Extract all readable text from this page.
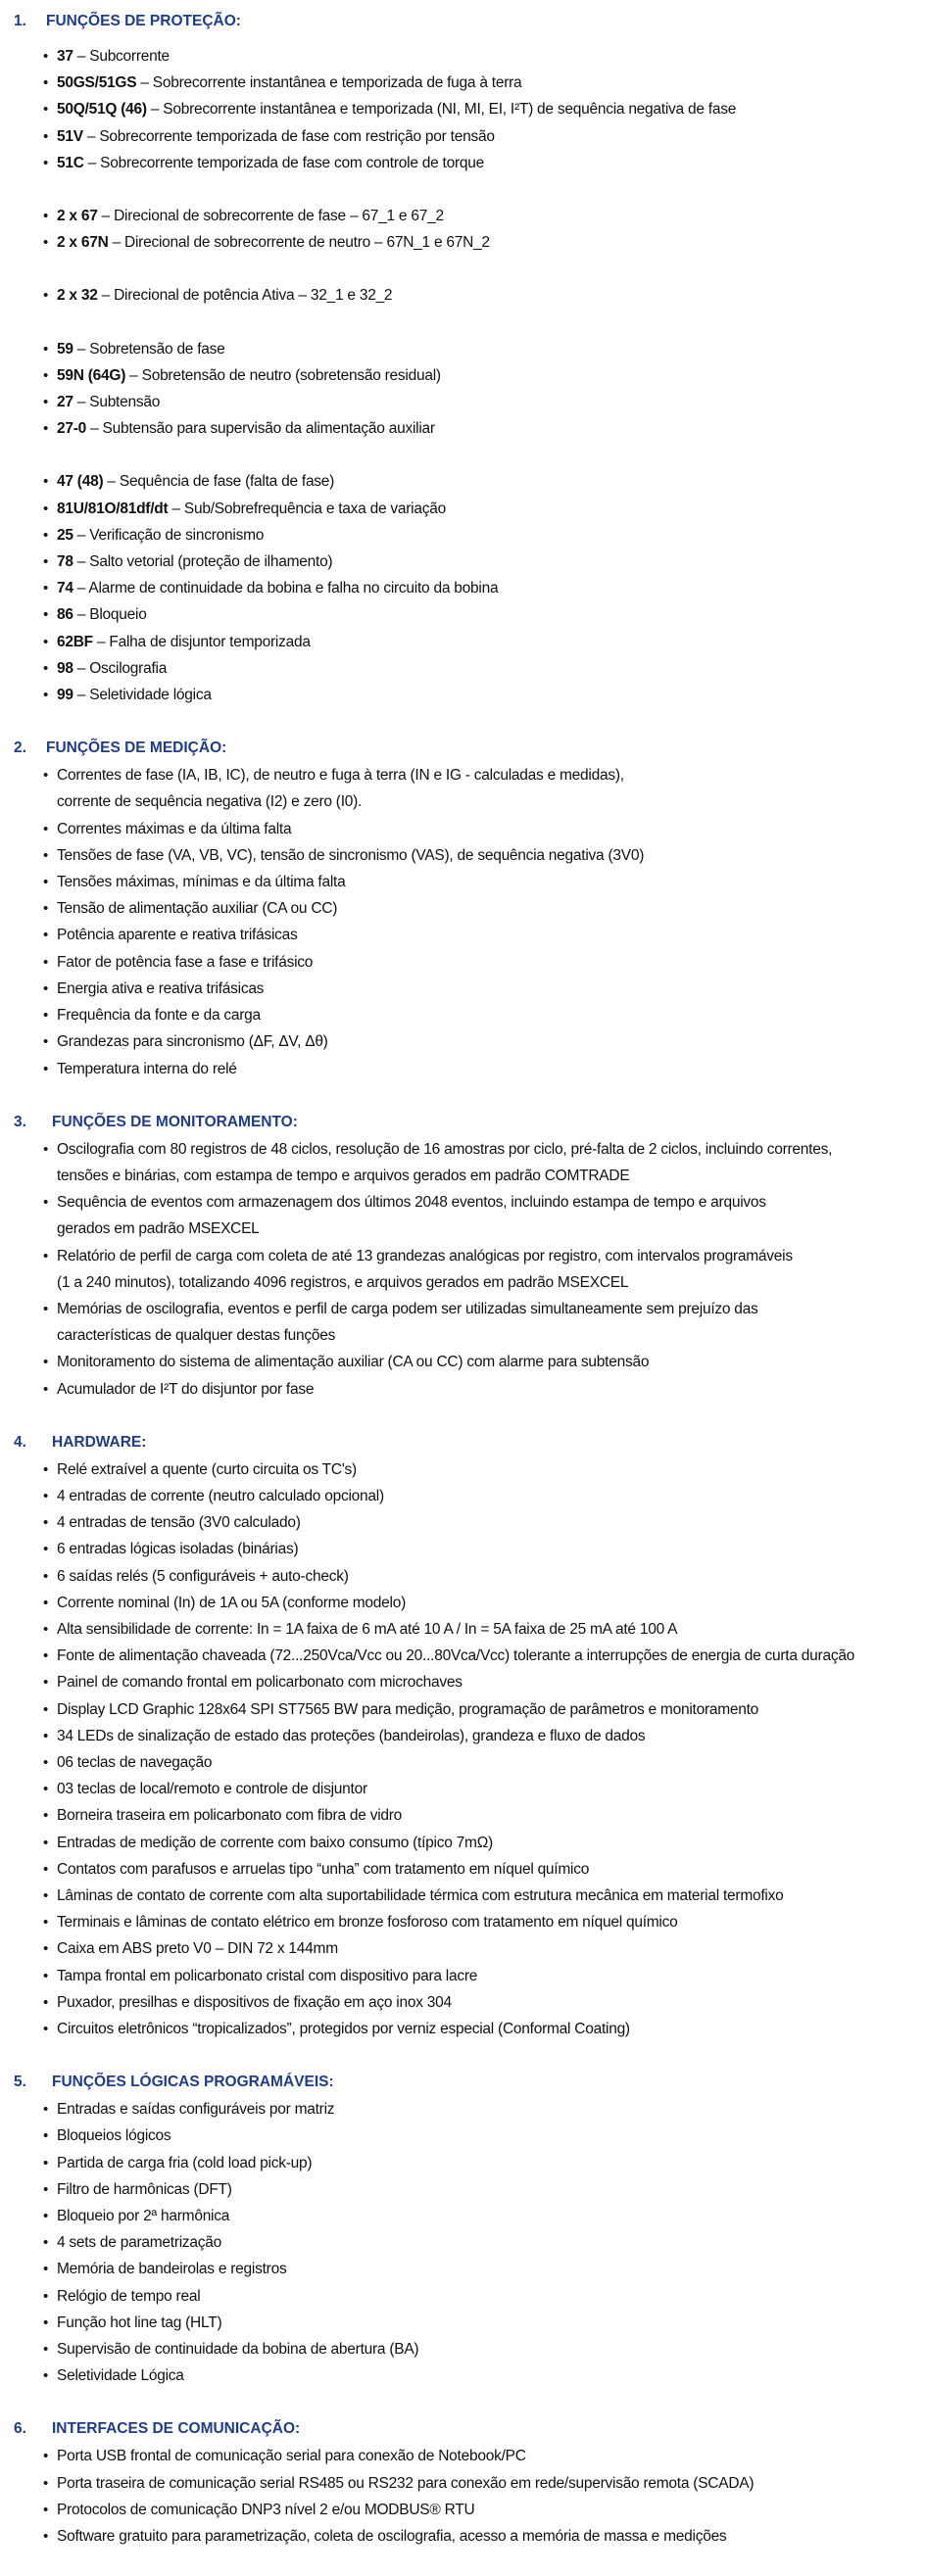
1. FUNÇÕES DE PROTEÇÃO:
• 37 – Subcorrente
• 50GS/51GS – Sobrecorrente instantânea e temporizada de fuga à terra
• 50Q/51Q (46) – Sobrecorrente instantânea e temporizada (NI, MI, EI, I²T) de sequência negativa de fase
• 51V – Sobrecorrente temporizada de fase com restrição por tensão
• 51C – Sobrecorrente temporizada de fase com controle de torque
• 2 x 67 – Direcional de sobrecorrente de fase – 67_1 e 67_2
• 2 x 67N – Direcional de sobrecorrente de neutro – 67N_1 e 67N_2
• 2 x 32 – Direcional de potência Ativa – 32_1 e 32_2
• 59 – Sobretensão de fase
• 59N (64G) – Sobretensão de neutro (sobretensão residual)
• 27 – Subtensão
• 27-0 – Subtensão para supervisão da alimentação auxiliar
• 47 (48) – Sequência de fase (falta de fase)
• 81U/81O/81df/dt – Sub/Sobrefrequência e taxa de variação
• 25 – Verificação de sincronismo
• 78 – Salto vetorial (proteção de ilhamento)
• 74 – Alarme de continuidade da bobina e falha no circuito da bobina
• 86 – Bloqueio
• 62BF – Falha de disjuntor temporizada
• 98 – Oscilografia
• 99 – Seletividade lógica
2. FUNÇÕES DE MEDIÇÃO:
• Correntes de fase (IA, IB, IC), de neutro e fuga à terra (IN e IG - calculadas e medidas),
corrente de sequência negativa (I2) e zero (I0).
• Correntes máximas e da última falta
• Tensões de fase (VA, VB, VC), tensão de sincronismo (VAS), de sequência negativa (3V0)
• Tensões máximas, mínimas e da última falta
• Tensão de alimentação auxiliar (CA ou CC)
• Potência aparente e reativa trifásicas
• Fator de potência fase a fase e trifásico
• Energia ativa e reativa trifásicas
• Frequência da fonte e da carga
• Grandezas para sincronismo (ΔF, ΔV, Δθ)
• Temperatura interna do relé
3. FUNÇÕES DE MONITORAMENTO:
• Oscilografia com 80 registros de 48 ciclos, resolução de 16 amostras por ciclo, pré-falta de 2 ciclos, incluindo correntes,
tensões e binárias, com estampa de tempo e arquivos gerados em padrão COMTRADE
• Sequência de eventos com armazenagem dos últimos 2048 eventos, incluindo estampa de tempo e arquivos
gerados em padrão MSEXCEL
• Relatório de perfil de carga com coleta de até 13 grandezas analógicas por registro, com intervalos programáveis
(1 a 240 minutos), totalizando 4096 registros, e arquivos gerados em padrão MSEXCEL
• Memórias de oscilografia, eventos e perfil de carga podem ser utilizadas simultaneamente sem prejuízo das
características de qualquer destas funções
• Monitoramento do sistema de alimentação auxiliar (CA ou CC) com alarme para subtensão
• Acumulador de I²T do disjuntor por fase
4. HARDWARE:
• Relé extraível a quente (curto circuita os TC's)
• 4 entradas de corrente (neutro calculado opcional)
• 4 entradas de tensão (3V0 calculado)
• 6 entradas lógicas isoladas (binárias)
• 6 saídas relés (5 configuráveis + auto-check)
• Corrente nominal (In) de 1A ou 5A (conforme modelo)
• Alta sensibilidade de corrente: In = 1A faixa de 6 mA até 10 A / In = 5A faixa de 25 mA até 100 A
• Fonte de alimentação chaveada (72...250Vca/Vcc ou 20...80Vca/Vcc) tolerante a interrupções de energia de curta duração
• Painel de comando frontal em policarbonato com microchaves
• Display LCD Graphic 128x64 SPI ST7565 BW para medição, programação de parâmetros e monitoramento
• 34 LEDs de sinalização de estado das proteções (bandeirolas), grandeza e fluxo de dados
• 06 teclas de navegação
• 03 teclas de local/remoto e controle de disjuntor
• Borneira traseira em policarbonato com fibra de vidro
• Entradas de medição de corrente com baixo consumo (típico 7mΩ)
• Contatos com parafusos e arruelas tipo “unha” com tratamento em níquel químico
• Lâminas de contato de corrente com alta suportabilidade térmica com estrutura mecânica em material termofixo
• Terminais e lâminas de contato elétrico em bronze fosforoso com tratamento em níquel químico
• Caixa em ABS preto V0 – DIN 72 x 144mm
• Tampa frontal em policarbonato cristal com dispositivo para lacre
• Puxador, presilhas e dispositivos de fixação em aço inox 304
• Circuitos eletrônicos “tropicalizados”, protegidos por verniz especial (Conformal Coating)
5. FUNÇÕES LÓGICAS PROGRAMÁVEIS:
• Entradas e saídas configuráveis por matriz
• Bloqueios lógicos
• Partida de carga fria (cold load pick-up)
• Filtro de harmônicas (DFT)
• Bloqueio por 2ª harmônica
• 4 sets de parametrização
• Memória de bandeirolas e registros
• Relógio de tempo real
• Função hot line tag (HLT)
• Supervisão de continuidade da bobina de abertura (BA)
• Seletividade Lógica
6. INTERFACES DE COMUNICAÇÃO:
• Porta USB frontal de comunicação serial para conexão de Notebook/PC
• Porta traseira de comunicação serial RS485 ou RS232 para conexão em rede/supervisão remota (SCADA)
• Protocolos de comunicação DNP3 nível 2 e/ou MODBUS® RTU
• Software gratuito para parametrização, coleta de oscilografia, acesso a memória de massa e medições
